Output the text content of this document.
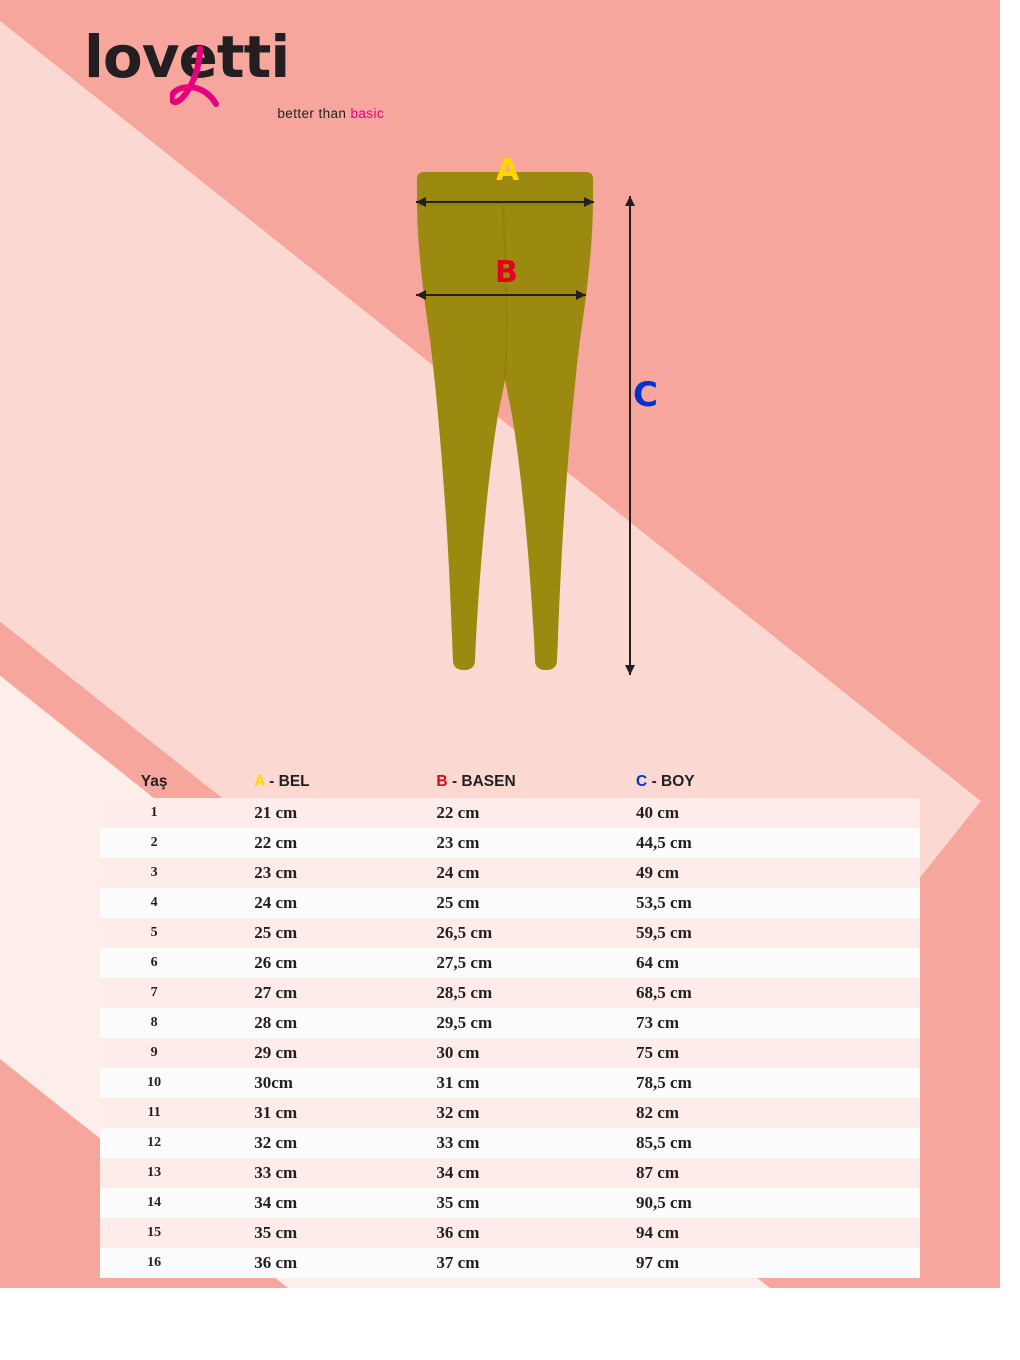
lovetti
better than basic
A
B
C
Yaş	A - BEL	B - BASEN	C - BOY
1	21 cm	22 cm	40 cm
2	22 cm	23 cm	44,5 cm
3	23 cm	24 cm	49 cm
4	24 cm	25 cm	53,5 cm
5	25 cm	26,5 cm	59,5 cm
6	26 cm	27,5 cm	64 cm
7	27 cm	28,5 cm	68,5 cm
8	28 cm	29,5 cm	73 cm
9	29 cm	30 cm	75 cm
10	30cm	31 cm	78,5 cm
11	31 cm	32 cm	82 cm
12	32 cm	33 cm	85,5 cm
13	33 cm	34 cm	87 cm
14	34 cm	35 cm	90,5 cm
15	35 cm	36 cm	94 cm
16	36 cm	37 cm	97 cm
